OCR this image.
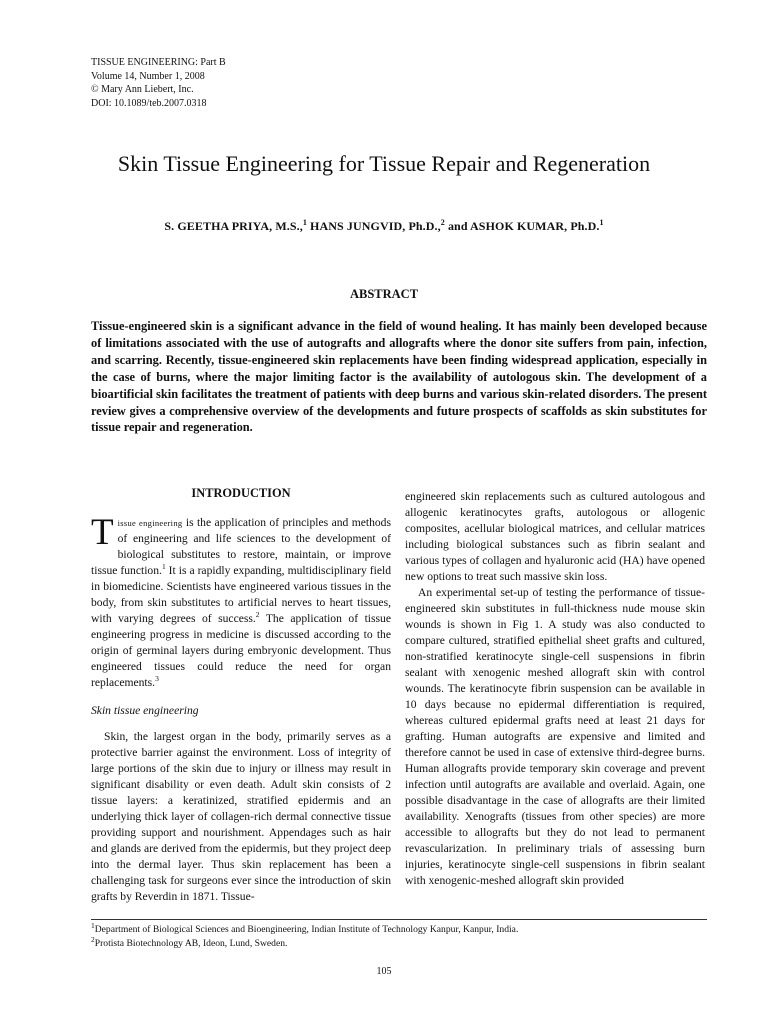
TISSUE ENGINEERING: Part B
Volume 14, Number 1, 2008
© Mary Ann Liebert, Inc.
DOI: 10.1089/teb.2007.0318
Skin Tissue Engineering for Tissue Repair and Regeneration
S. GEETHA PRIYA, M.S.,$^1$ HANS JUNGVID, Ph.D.,$^2$ and ASHOK KUMAR, Ph.D.$^1$
ABSTRACT
Tissue-engineered skin is a significant advance in the field of wound healing. It has mainly been developed because of limitations associated with the use of autografts and allografts where the donor site suffers from pain, infection, and scarring. Recently, tissue-engineered skin replacements have been finding widespread application, especially in the case of burns, where the major limiting factor is the availability of autologous skin. The development of a bioartificial skin facilitates the treatment of patients with deep burns and various skin-related disorders. The present review gives a comprehensive overview of the developments and future prospects of scaffolds as skin substitutes for tissue repair and regeneration.
INTRODUCTION

Tissue engineering is the application of principles and methods of engineering and life sciences to the development of biological substitutes to restore, maintain, or improve tissue function.$^1$ It is a rapidly expanding, multidisciplinary field in biomedicine. Scientists have engineered various tissues in the body, from skin substitutes to artificial nerves to heart tissues, with varying degrees of success.$^2$ The application of tissue engineering progress in medicine is discussed according to the origin of germinal layers during embryonic development. Thus engineered tissues could reduce the need for organ replacements.$^3$

Skin tissue engineering

Skin, the largest organ in the body, primarily serves as a protective barrier against the environment. Loss of integrity of large portions of the skin due to injury or illness may result in significant disability or even death. Adult skin consists of 2 tissue layers: a keratinized, stratified epidermis and an underlying thick layer of collagen-rich dermal connective tissue providing support and nourishment. Appendages such as hair and glands are derived from the epidermis, but they project deep into the dermal layer. Thus skin replacement has been a challenging task for surgeons ever since the introduction of skin grafts by Reverdin in 1871. Tissue-

engineered skin replacements such as cultured autologous and allogenic keratinocytes grafts, autologous or allogenic composites, acellular biological matrices, and cellular matrices including biological substances such as fibrin sealant and various types of collagen and hyaluronic acid (HA) have opened new options to treat such massive skin loss.

An experimental set-up of testing the performance of tissue-engineered skin substitutes in full-thickness nude mouse skin wounds is shown in Fig 1. A study was also conducted to compare cultured, stratified epithelial sheet grafts and cultured, non-stratified keratinocyte single-cell suspensions in fibrin sealant with xenogenic meshed allograft skin with control wounds. The keratinocyte fibrin suspension can be available in 10 days because no epidermal differentiation is required, whereas cultured epidermal grafts need at least 21 days for grafting. Human autografts are expensive and limited and therefore cannot be used in case of extensive third-degree burns. Human allografts provide temporary skin coverage and prevent infection until autografts are available and overlaid. Again, one possible disadvantage in the case of allografts are their limited availability. Xenografts (tissues from other species) are more accessible to allografts but they do not lead to permanent revascularization. In preliminary trials of assessing burn injuries, keratinocyte single-cell suspensions in fibrin sealant with xenogenic-meshed allograft skin provided

$^1$Department of Biological Sciences and Bioengineering, Indian Institute of Technology Kanpur, Kanpur, India.
$^2$Protista Biotechnology AB, Ideon, Lund, Sweden.
105
